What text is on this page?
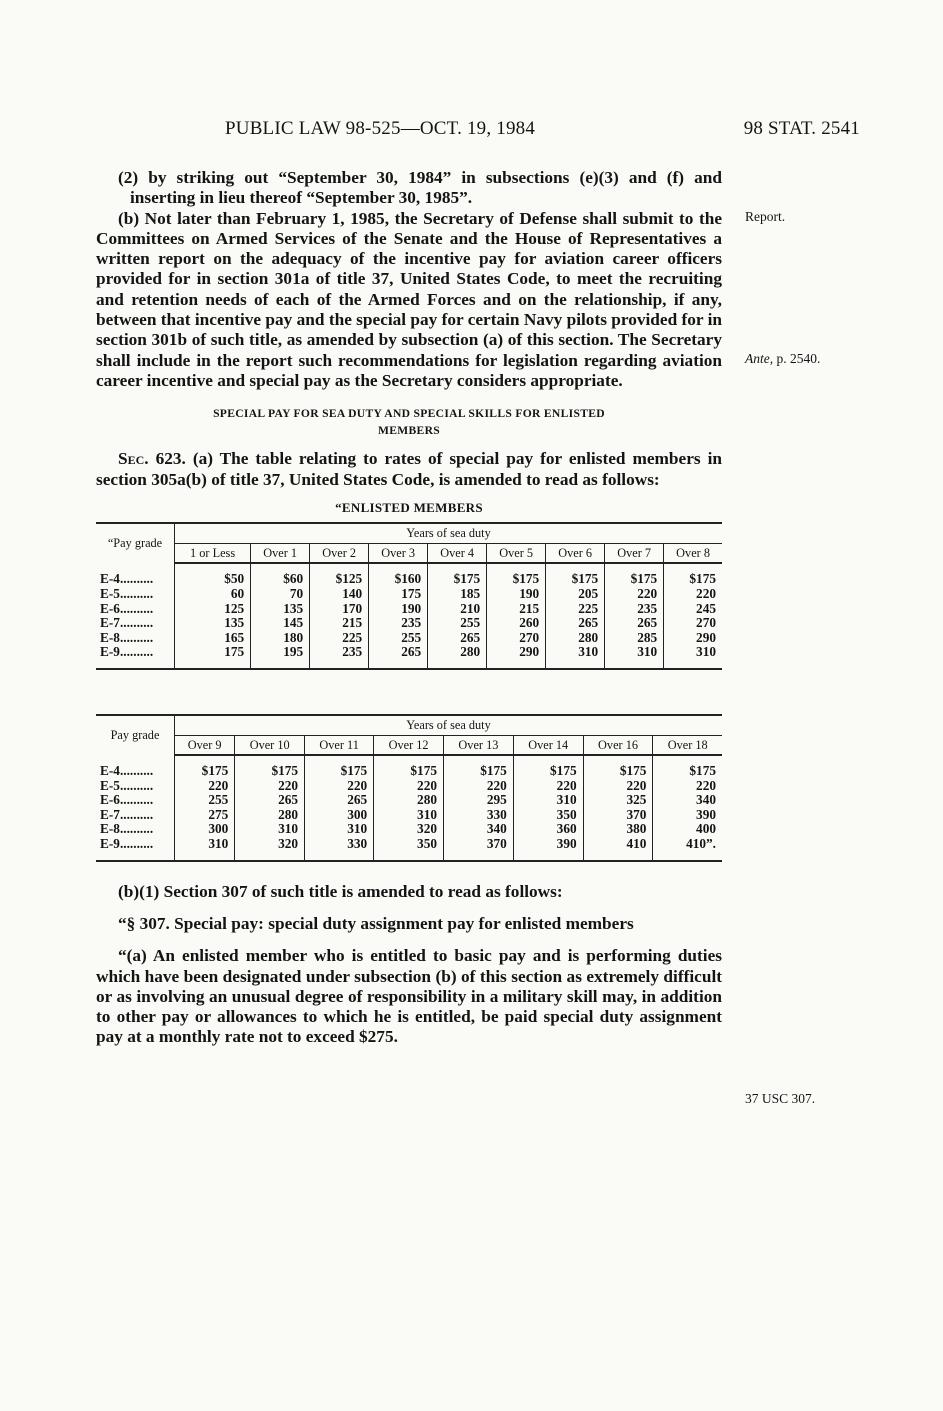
PUBLIC LAW 98-525—OCT. 19, 1984	98 STAT. 2541
Report.
Ante, p. 2540.
37 USC 307.

(2) by striking out “September 30, 1984” in subsections (e)(3) and (f) and inserting in lieu thereof “September 30, 1985”.

(b) Not later than February 1, 1985, the Secretary of Defense shall submit to the Committees on Armed Services of the Senate and the House of Representatives a written report on the adequacy of the incentive pay for aviation career officers provided for in section 301a of title 37, United States Code, to meet the recruiting and retention needs of each of the Armed Forces and on the relationship, if any, between that incentive pay and the special pay for certain Navy pilots provided for in section 301b of such title, as amended by subsection (a) of this section. The Secretary shall include in the report such recommendations for legislation regarding aviation career incentive and special pay as the Secretary considers appropriate.

SPECIAL PAY FOR SEA DUTY AND SPECIAL SKILLS FOR ENLISTED
MEMBERS

Sec. 623. (a) The table relating to rates of special pay for enlisted members in section 305a(b) of title 37, United States Code, is amended to read as follows:

“ENLISTED MEMBERS
“Pay grade	Years of sea duty								
	1 or Less	Over 1	Over 2	Over 3	Over 4	Over 5	Over 6	Over 7	Over 8
E-4..........	$50	$60	$125	$160	$175	$175	$175	$175	$175
E-5..........	60	70	140	175	185	190	205	220	220
E-6..........	125	135	170	190	210	215	225	235	245
E-7..........	135	145	215	235	255	260	265	265	270
E-8..........	165	180	225	255	265	270	280	285	290
E-9..........	175	195	235	265	280	290	310	310	310
Pay grade	Years of sea duty							
	Over 9	Over 10	Over 11	Over 12	Over 13	Over 14	Over 16	Over 18
E-4..........	$175	$175	$175	$175	$175	$175	$175	$175
E-5..........	220	220	220	220	220	220	220	220
E-6..........	255	265	265	280	295	310	325	340
E-7..........	275	280	300	310	330	350	370	390
E-8..........	300	310	310	320	340	360	380	400
E-9..........	310	320	330	350	370	390	410	410”.

(b)(1) Section 307 of such title is amended to read as follows:

“§ 307. Special pay: special duty assignment pay for enlisted members

“(a) An enlisted member who is entitled to basic pay and is performing duties which have been designated under subsection (b) of this section as extremely difficult or as involving an unusual degree of responsibility in a military skill may, in addition to other pay or allowances to which he is entitled, be paid special duty assignment pay at a monthly rate not to exceed $275.
